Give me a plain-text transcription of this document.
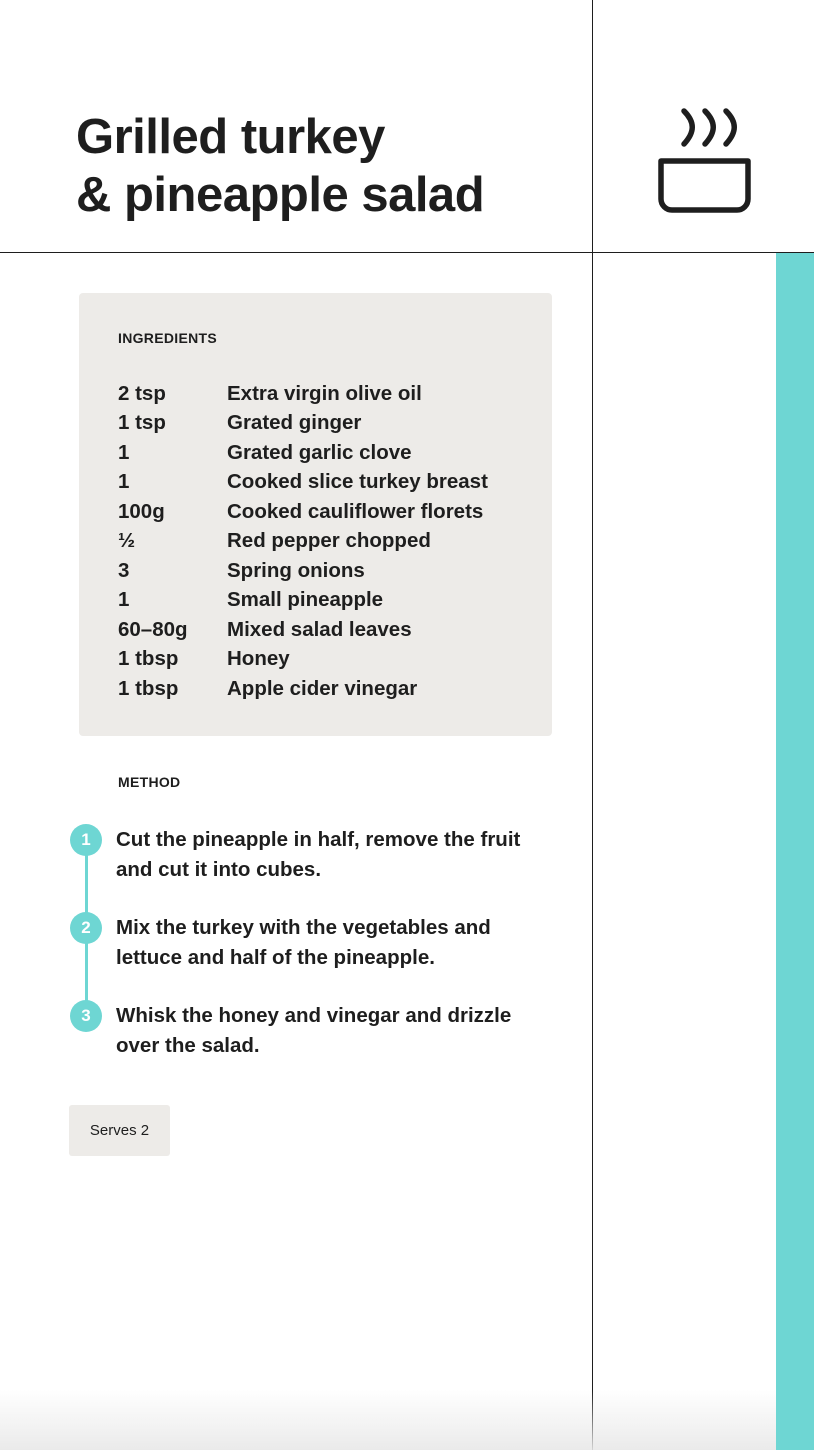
Grilled turkey
& pineapple salad
INGREDIENTS
2 tsp	Extra virgin olive oil
1 tsp	Grated ginger
1	Grated garlic clove
1	Cooked slice turkey breast
100g	Cooked cauliflower florets
½	Red pepper chopped
3	Spring onions
1	Small pineapple
60–80g	Mixed salad leaves
1 tbsp	Honey
1 tbsp	Apple cider vinegar
METHOD
1	Cut the pineapple in half, remove the fruit and cut it into cubes.
2	Mix the turkey with the vegetables and lettuce and half of the pineapple.
3	Whisk the honey and vinegar and drizzle over the salad.
Serves 2
